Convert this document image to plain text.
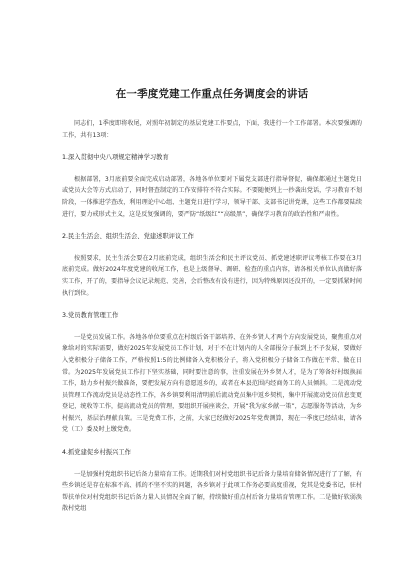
在一季度党建工作重点任务调度会的讲话

同志们，1季度即将收尾，对照年初制定的基层党建工作要点，下面，我进行一个工作部署。本次要强调的工作，共有13项：

1.深入贯彻中央八项规定精神学习教育

根据部署，3月底前要全面完成启动部署，各地各单位要对下属党支部进行指导督促，确保都通过主题党日或党员大会等方式启动了，同时督查制定的工作安排符不符合实际。不要随便列上一抄袭出党话，学习教育不划阶段，一体推进学查改，利用理论中心组、主题党日进行学习，领导干部、支部书记讲党课，这些工作都要陆续进行，要力戒形式主义，这是反复强调的，要严防“纸级红”“高级黑”，确保学习教育的政治性和严肃性。

2.民主生活会、组织生活会、党建述职评议工作

按照要求，民主生活会要在2月底前完成，组织生活会和民主评议党员、抓党建述职评议考核工作要在3月底前完成。做好2024年度党建的收尾工作，也是上级督导、调研、检查的重点内容，请各相关单位认真做好落实工作，开了的，要指导会议记录规范、完善，会后整改有没有进行，因为特殊原因还没开的，一定要抓紧时间执行到位。

3.党员教育管理工作

一是党员发展工作。各地各单位要重点在村级后备干部培养、在外乡贤人才两个方向发展党员，聚焦重点对象给对的实际需要，做好2025年发展党员工作计划，对于不在计划内的人全部报分子报到上不予发展，要做好入党积极分子储备工作，严格按照1:5的比例储备入党积极分子，将入党积极分子储备工作做在平常、做在日常。为2025年发展党员工作打下坚实基础，同时要注意的事，注重发展在外乡贤人才，是为了筹备好村级换届工作，助力乡村振兴做准备，要把发展方向有意愿返乡的，或者在本县范围内经商务工的人员倾斜。二是流动党员管理工作流动党员是动态性工作，各乡镇要利用清明前后流动党员集中返乡契机，集中开展流动党员信息变更登记，统收等工作，提高流动党员的管理，要组织开展座谈会，开展“我为家乡献一策”，志愿服务等活动，为乡村振兴，基层治理献良策。三是党费工作，之前，大家已经做好2025年党费测算，现在一季度已经结束，请各党（工）委及时上缴党费。

4.抓党建促乡村振兴工作

一是加强村党组织书记后备力量培育工作。近期我们对村党组织书记后备力量培育储备情况进行了了解，有些乡镇还是存在标准不高、抓的不坚不实的问题，各乡镇对于此项工作务必要高度重视，党其是党委书记，驻村帮扶单位对村党组织书记后备力量人员情况全面了解，持续做好重点村后备力量培育管理工作。二是做好软弱涣散村党组
